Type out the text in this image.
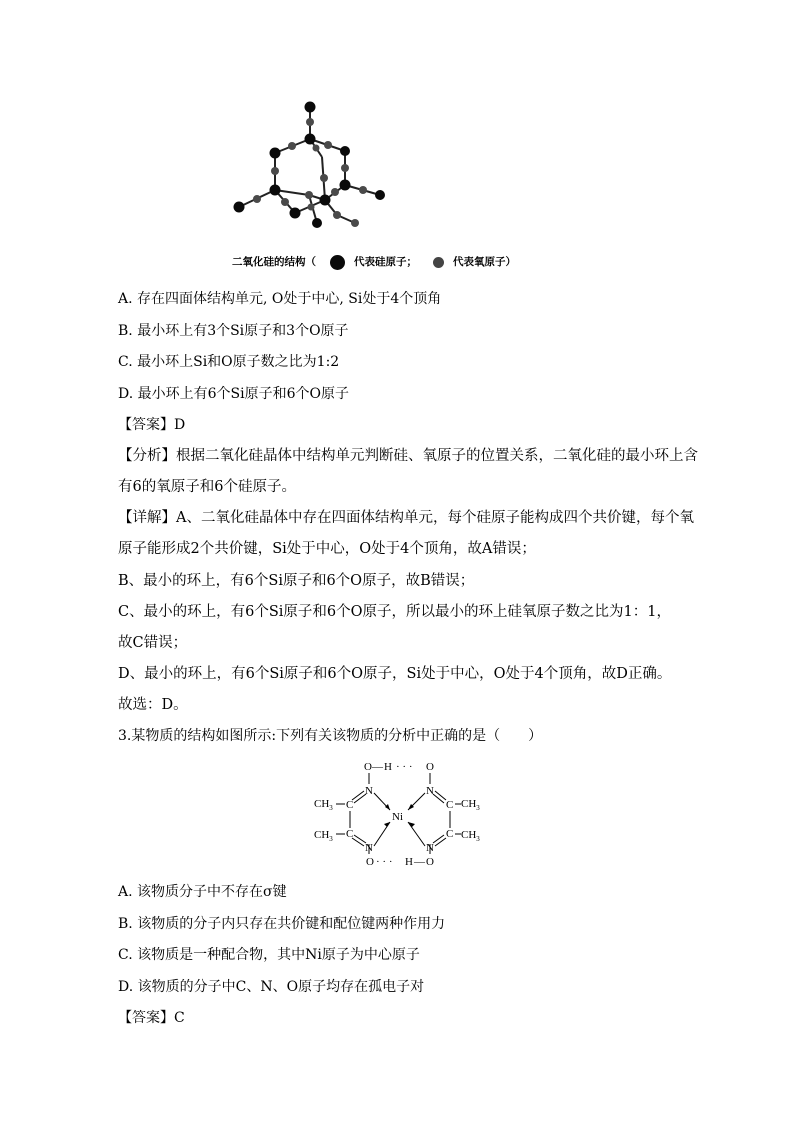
二氧化硅的结构（	代表硅原子；	代表氧原子）
A. 存在四面体结构单元, O处于中心, Si处于4个顶角
B. 最小环上有3个Si原子和3个O原子
C. 最小环上Si和O原子数之比为1:2
D. 最小环上有6个Si原子和6个O原子
【答案】D
【分析】根据二氧化硅晶体中结构单元判断硅、氧原子的位置关系，二氧化硅的最小环上含
有6的氧原子和6个硅原子。
【详解】A、二氧化硅晶体中存在四面体结构单元，每个硅原子能构成四个共价键，每个氧
原子能形成2个共价键，Si处于中心，O处于4个顶角，故A错误；
B、最小的环上，有6个Si原子和6个O原子，故B错误；
C、最小的环上，有6个Si原子和6个O原子，所以最小的环上硅氧原子数之比为1：1，
故C错误；
D、最小的环上，有6个Si原子和6个O原子，Si处于中心，O处于4个顶角，故D正确。
故选：D。
3.某物质的结构如图所示:下列有关该物质的分析中正确的是（　　）
O — H · · · O
N	N
$CH_3$ C	C $CH_3$
Ni
$CH_3$ C	C $CH_3$
N	N
O · · · H — O
A. 该物质分子中不存在σ键
B. 该物质的分子内只存在共价键和配位键两种作用力
C. 该物质是一种配合物，其中Ni原子为中心原子
D. 该物质的分子中C、N、O原子均存在孤电子对
【答案】C
